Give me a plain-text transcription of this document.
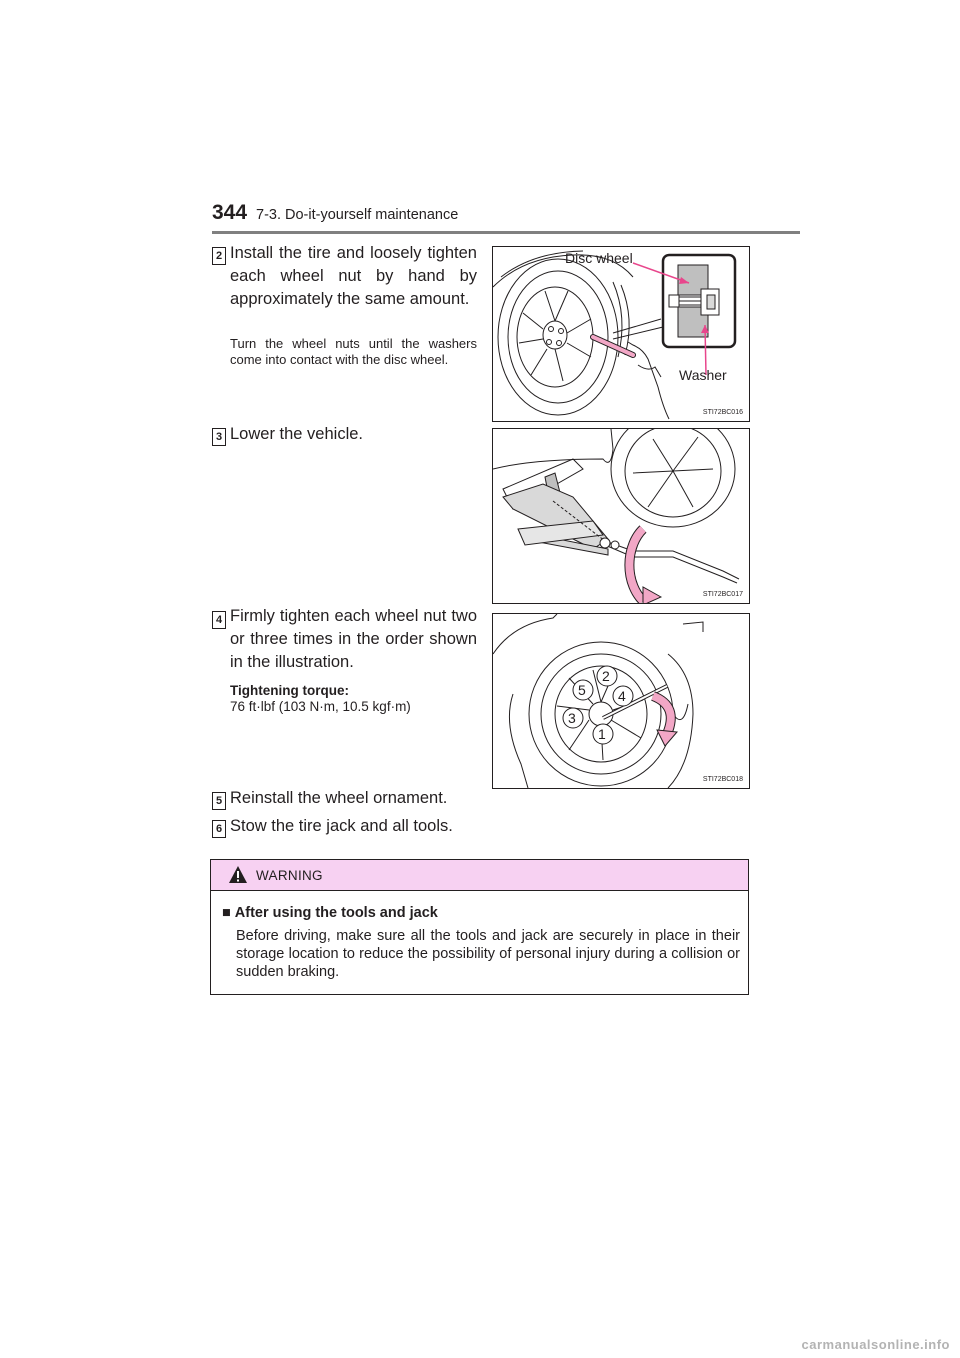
344 7-3. Do-it-yourself maintenance
2 Install the tire and loosely tighten each wheel nut by hand by approximately the same amount.
Turn the wheel nuts until the washers come into contact with the disc wheel.
Disc wheel
Washer
STI72BC016
3 Lower the vehicle.
STI72BC017
4 Firmly tighten each wheel nut two or three times in the order shown in the illustration.
Tightening torque:
76 ft·lbf (103 N·m, 10.5 kgf·m)
1
2
3
4
5
STI72BC018
5 Reinstall the wheel ornament.
6 Stow the tire jack and all tools.
WARNING
■ After using the tools and jack
Before driving, make sure all the tools and jack are securely in place in their storage location to reduce the possibility of personal injury during a collision or sudden braking.
carmanualsonline.info
